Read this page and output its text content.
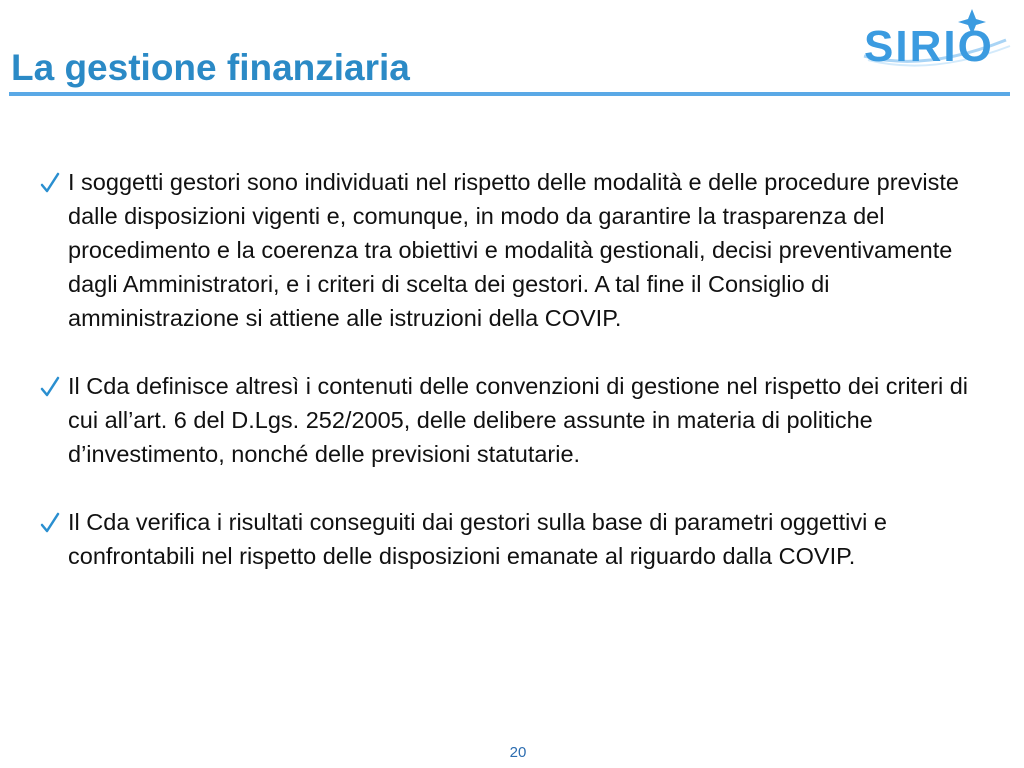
La gestione finanziaria	SIRIO
I soggetti gestori sono individuati nel rispetto delle modalità e delle procedure previste dalle disposizioni vigenti e, comunque, in modo da garantire la trasparenza del procedimento e la coerenza tra obiettivi e modalità gestionali, decisi preventivamente dagli Amministratori, e i criteri di scelta dei gestori. A tal fine il Consiglio di amministrazione si attiene alle istruzioni della COVIP.
Il Cda definisce altresì i contenuti delle convenzioni di gestione nel rispetto dei criteri di cui all’art. 6 del D.Lgs. 252/2005, delle delibere assunte in materia di politiche d’investimento, nonché delle previsioni statutarie.
Il Cda verifica i risultati conseguiti dai gestori sulla base di parametri oggettivi e confrontabili nel rispetto delle disposizioni emanate al riguardo dalla COVIP.
20
